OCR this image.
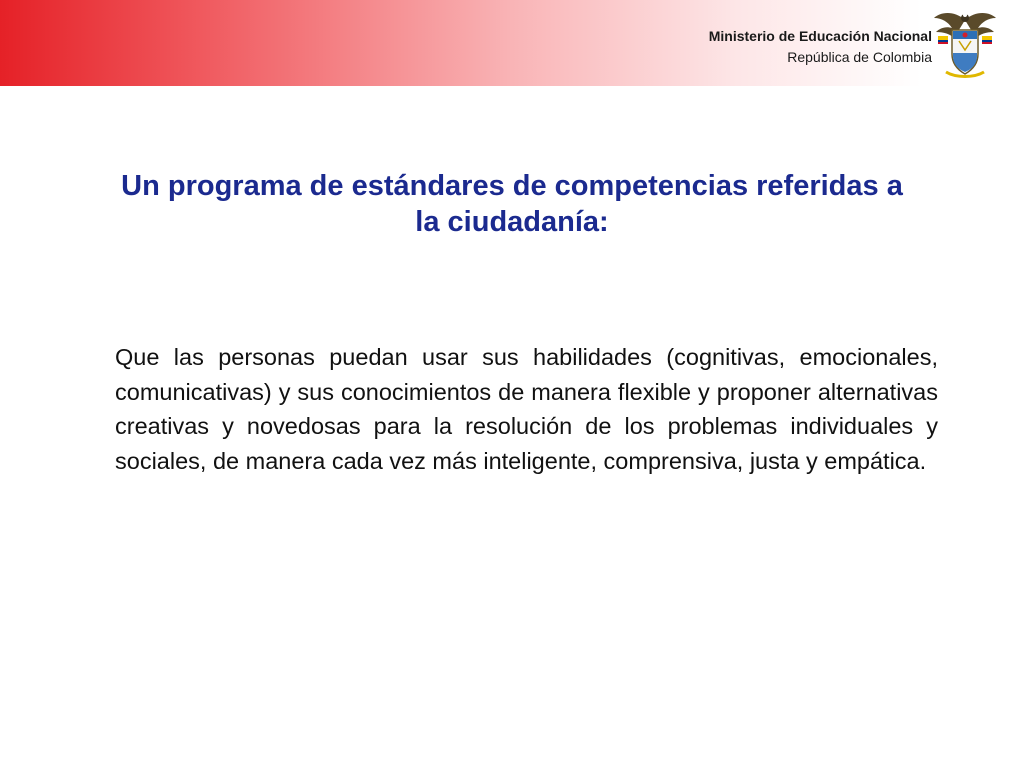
Ministerio de Educación Nacional
República de Colombia
Un programa de estándares de competencias referidas a la ciudadanía:

Que las personas puedan usar sus habilidades (cognitivas, emocionales, comunicativas) y sus conocimientos de manera flexible y proponer alternativas creativas y novedosas para la resolución de los problemas individuales y sociales, de manera cada vez más inteligente, comprensiva, justa y empática.
